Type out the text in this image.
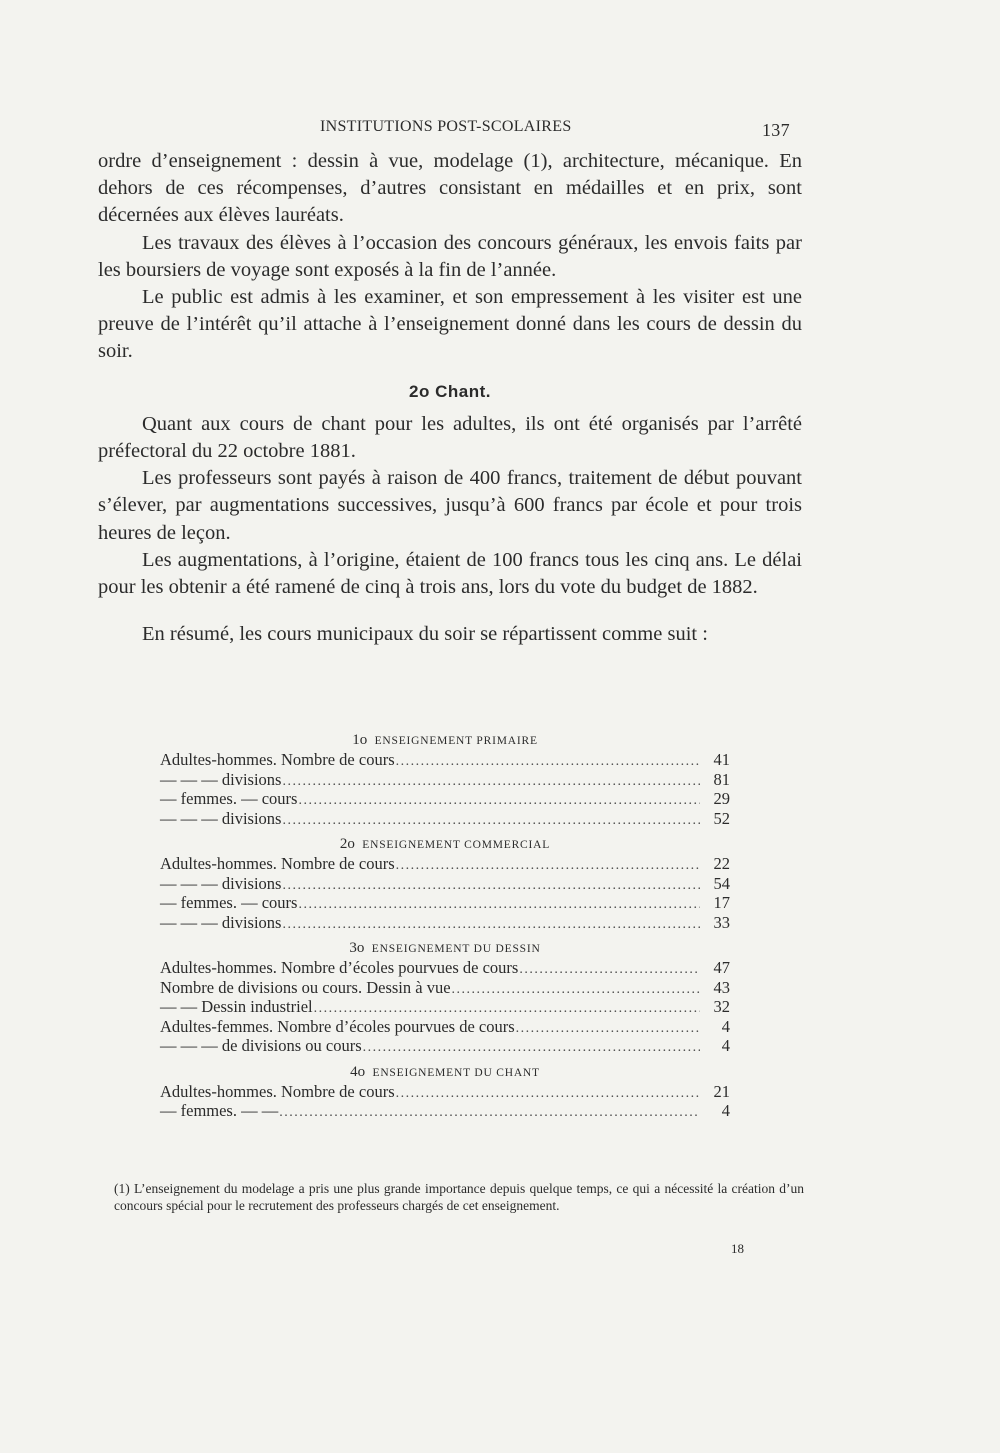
INSTITUTIONS POST-SCOLAIRES	137

ordre d’enseignement : dessin à vue, modelage (1), architecture, mécanique. En dehors de ces récompenses, d’autres consistant en médailles et en prix, sont décernées aux élèves lauréats.

Les travaux des élèves à l’occasion des concours généraux, les envois faits par les boursiers de voyage sont exposés à la fin de l’année.

Le public est admis à les examiner, et son empressement à les visiter est une preuve de l’intérêt qu’il attache à l’enseignement donné dans les cours de dessin du soir.

2o Chant.

Quant aux cours de chant pour les adultes, ils ont été organisés par l’arrêté préfectoral du 22 octobre 1881.

Les professeurs sont payés à raison de 400 francs, traitement de début pouvant s’élever, par augmentations successives, jusqu’à 600 francs par école et pour trois heures de leçon.

Les augmentations, à l’origine, étaient de 100 francs tous les cinq ans. Le délai pour les obtenir a été ramené de cinq à trois ans, lors du vote du budget de 1882.

En résumé, les cours municipaux du soir se répartissent comme suit :

1o ENSEIGNEMENT PRIMAIRE
Adultes-hommes. Nombre de cours .....	41
— — — divisions .....	81
— femmes. — cours .....	29
— — — divisions .....	52
2o ENSEIGNEMENT COMMERCIAL
Adultes-hommes. Nombre de cours .....	22
— — — divisions .....	54
— femmes. — cours .....	17
— — — divisions .....	33
3o ENSEIGNEMENT DU DESSIN
Adultes-hommes. Nombre d’écoles pourvues de cours .....	47
Nombre de divisions ou cours. Dessin à vue .....	43
— — Dessin industriel .....	32
Adultes-femmes. Nombre d’écoles pourvues de cours .....	4
— — — de divisions ou cours .....	4
4o ENSEIGNEMENT DU CHANT
Adultes-hommes. Nombre de cours .....	21
— femmes. — — .....	4

(1) L’enseignement du modelage a pris une plus grande importance depuis quelque temps, ce qui a nécessité la création d’un concours spécial pour le recrutement des professeurs chargés de cet enseignement.

18
